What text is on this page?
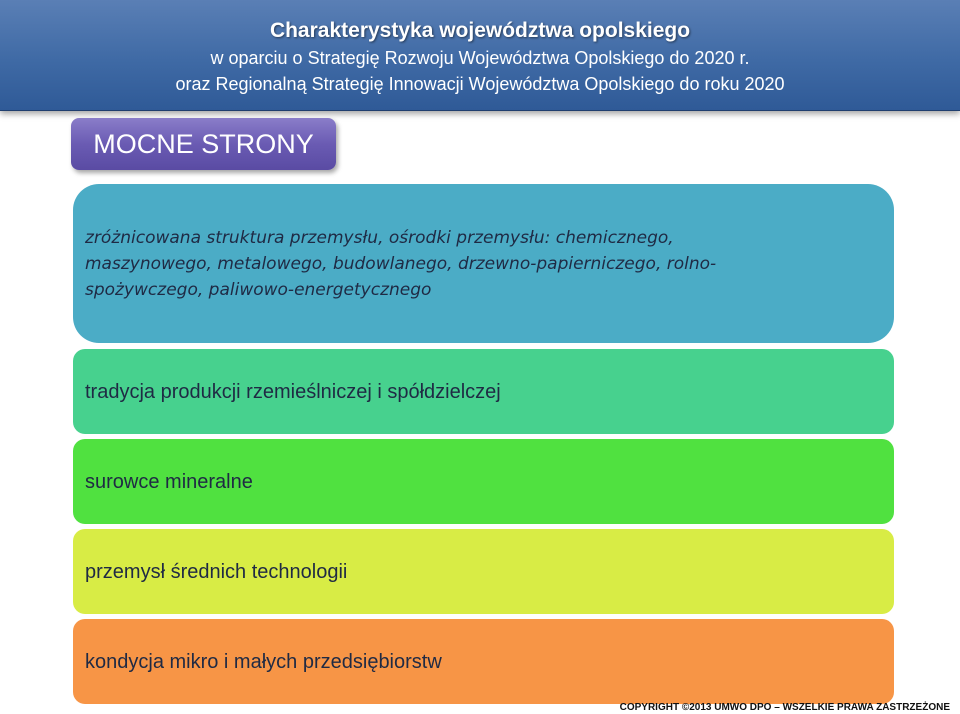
Charakterystyka województwa opolskiego
w oparciu o Strategię Rozwoju Województwa Opolskiego do 2020 r.
oraz Regionalną Strategię Innowacji Województwa Opolskiego do roku 2020
MOCNE STRONY
zróżnicowana struktura przemysłu, ośrodki przemysłu: chemicznego,
maszynowego, metalowego, budowlanego, drzewno-papierniczego, rolno-
spożywczego, paliwowo-energetycznego
tradycja produkcji rzemieślniczej i spółdzielczej
surowce mineralne
przemysł średnich technologii
kondycja mikro i małych przedsiębiorstw
COPYRIGHT ©2013 UMWO DPO – WSZELKIE PRAWA ZASTRZEŻONE
